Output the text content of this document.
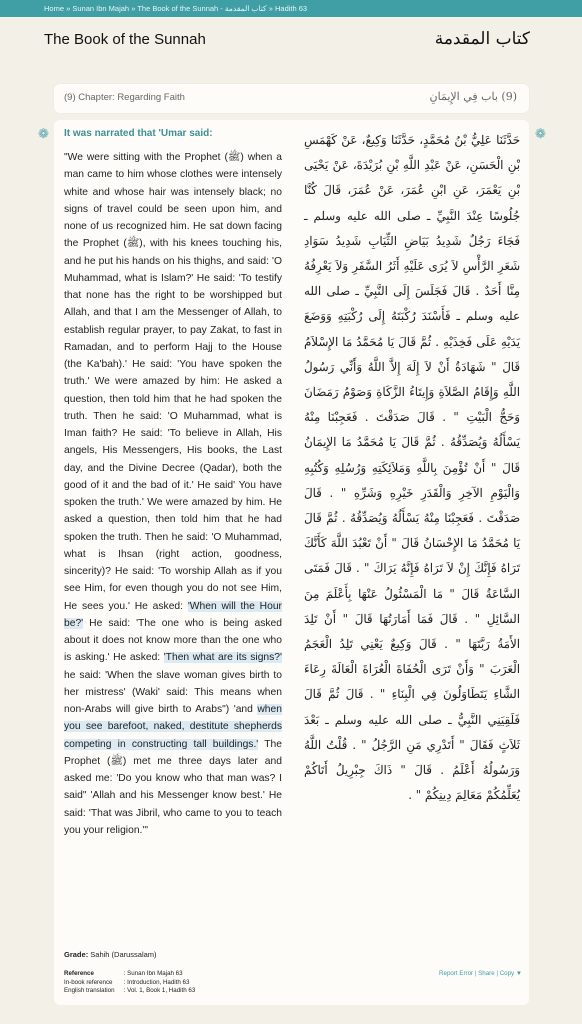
Home » Sunan Ibn Majah » The Book of the Sunnah - كتاب المقدمة » Hadith 63
The Book of the Sunnah	كتاب المقدمة
(9) Chapter: Regarding Faith	(9) باب فِي الإِيمَانِ
❁	❁
It was narrated that 'Umar said:
"We were sitting with the Prophet (ﷺ) when a man came to him whose clothes were intensely white and whose hair was intensely black; no signs of travel could be seen upon him, and none of us recognized him. He sat down facing the Prophet (ﷺ), with his knees touching his, and he put his hands on his thighs, and said: 'O Muhammad, what is Islam?' He said: 'To testify that none has the right to be worshipped but Allah, and that I am the Messenger of Allah, to establish regular prayer, to pay Zakat, to fast in Ramadan, and to perform Hajj to the House (the Ka'bah).' He said: 'You have spoken the truth.' We were amazed by him: He asked a question, then told him that he had spoken the truth. Then he said: 'O Muhammad, what is Iman faith? He said: 'To believe in Allah, His angels, His Messengers, His books, the Last day, and the Divine Decree (Qadar), both the good of it and the bad of it.' He said' You have spoken the truth.' We were amazed by him. He asked a question, then told him that he had spoken the truth. Then he said: 'O Muhammad, what is Ihsan (right action, goodness, sincerity)? He said: 'To worship Allah as if you see Him, for even though you do not see Him, He sees you.' He asked: 'When will the Hour be?' He said: 'The one who is being asked about it does not know more than the one who is asking.' He asked: 'Then what are its signs?' he said: 'When the slave woman gives birth to her mistress' (Waki' said: This means when non-Arabs will give birth to Arabs") 'and when you see barefoot, naked, destitute shepherds competing in constructing tall buildings.' The Prophet (ﷺ) met me three days later and asked me: 'Do you know who that man was? I said" 'Allah and his Messenger know best.' He said: 'That was Jibril, who came to you to teach you your religion.'"
حَدَّثَنَا عَلِيُّ بْنُ مُحَمَّدٍ، حَدَّثَنَا وَكِيعٌ، عَنْ كَهْمَسِ بْنِ الْحَسَنِ، عَنْ عَبْدِ اللَّهِ بْنِ بُرَيْدَةَ، عَنْ يَحْيَى بْنِ يَعْمَرَ، عَنِ ابْنِ عُمَرَ، عَنْ عُمَرَ، قَالَ كُنَّا جُلُوسًا عِنْدَ النَّبِيِّ ـ صلى الله عليه وسلم ـ فَجَاءَ رَجُلٌ شَدِيدُ بَيَاضِ الثِّيَابِ شَدِيدُ سَوَادِ شَعَرِ الرَّأْسِ لاَ يُرَى عَلَيْهِ أَثَرُ السَّفَرِ وَلاَ يَعْرِفُهُ مِنَّا أَحَدٌ ‏.‏ قَالَ فَجَلَسَ إِلَى النَّبِيِّ ـ صلى الله عليه وسلم ـ فَأَسْنَدَ رُكْبَتَهُ إِلَى رُكْبَتِهِ وَوَضَعَ يَدَيْهِ عَلَى فَخِذَيْهِ ‏.‏ ثُمَّ قَالَ يَا مُحَمَّدُ مَا الإِسْلاَمُ قَالَ ‏"‏ شَهَادَةُ أَنْ لاَ إِلَهَ إِلاَّ اللَّهُ وَأَنِّي رَسُولُ اللَّهِ وَإِقَامُ الصَّلاَةِ وَإِيتَاءُ الزَّكَاةِ وَصَوْمُ رَمَضَانَ وَحَجُّ الْبَيْتِ ‏"‏ ‏.‏ قَالَ صَدَقْتَ ‏.‏ فَعَجِبْنَا مِنْهُ يَسْأَلُهُ وَيُصَدِّقُهُ ‏.‏ ثُمَّ قَالَ يَا مُحَمَّدُ مَا الإِيمَانُ قَالَ ‏"‏ أَنْ تُؤْمِنَ بِاللَّهِ وَمَلاَئِكَتِهِ وَرُسُلِهِ وَكُتُبِهِ وَالْيَوْمِ الآخِرِ وَالْقَدَرِ خَيْرِهِ وَشَرِّهِ ‏"‏ ‏.‏ قَالَ صَدَقْتَ ‏.‏ فَعَجِبْنَا مِنْهُ يَسْأَلُهُ وَيُصَدِّقُهُ ‏.‏ ثُمَّ قَالَ يَا مُحَمَّدُ مَا الإِحْسَانُ قَالَ ‏"‏ أَنْ تَعْبُدَ اللَّهَ كَأَنَّكَ تَرَاهُ فَإِنَّكَ إِنْ لاَ تَرَاهُ فَإِنَّهُ يَرَاكَ ‏"‏ ‏.‏ قَالَ فَمَتَى السَّاعَةُ قَالَ ‏"‏ مَا الْمَسْئُولُ عَنْهَا بِأَعْلَمَ مِنَ السَّائِلِ ‏"‏ ‏.‏ قَالَ فَمَا أَمَارَتُهَا قَالَ ‏"‏ أَنْ تَلِدَ الأَمَةُ رَبَّتَهَا ‏"‏ ‏.‏ قَالَ وَكِيعٌ يَعْنِي تَلِدُ الْعَجَمُ الْعَرَبَ ‏"‏ وَأَنْ تَرَى الْحُفَاةَ الْعُرَاةَ الْعَالَةَ رِعَاءَ الشَّاءِ يَتَطَاوَلُونَ فِي الْبِنَاءِ ‏"‏ ‏.‏ قَالَ ثُمَّ قَالَ فَلَقِيَنِي النَّبِيُّ ـ صلى الله عليه وسلم ـ بَعْدَ ثَلاَثٍ فَقَالَ ‏"‏ أَتَدْرِي مَنِ الرَّجُلُ ‏"‏ ‏.‏ قُلْتُ اللَّهُ وَرَسُولُهُ أَعْلَمُ ‏.‏ قَالَ ‏"‏ ذَاكَ جِبْرِيلُ أَتَاكُمْ يُعَلِّمُكُمْ مَعَالِمَ دِينِكُمْ ‏"‏ ‏.‏
Grade: Sahih (Darussalam)
Reference	: Sunan Ibn Majah 63
In-book reference : Introduction, Hadith 63
English translation : Vol. 1, Book 1, Hadith 63
Report Error | Share | Copy ▼
